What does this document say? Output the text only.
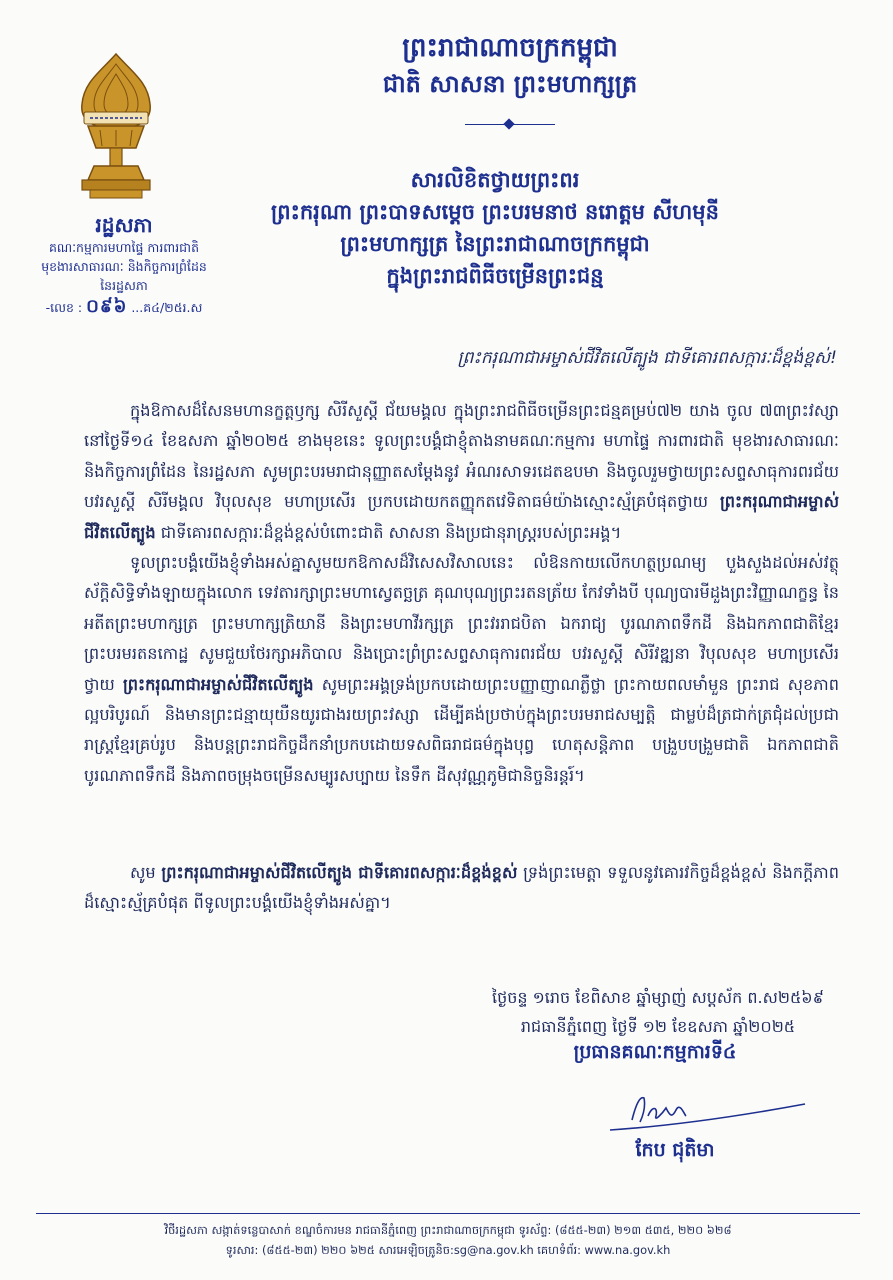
ព្រះរាជាណាចក្រកម្ពុជា

ជាតិ សាសនា ព្រះមហាក្សត្រ

រដ្ឋសភា
គណៈកម្មការមហាផ្ទៃ ការពារជាតិ
មុខងារសាធារណៈ និងកិច្ចការព្រំដែន
នៃរដ្ឋសភា
-លេខ : ០៩៦ ...គ៤/២៥រ.ស
សារលិខិតថ្វាយព្រះពរ
ព្រះករុណា ព្រះបាទសម្តេច ព្រះបរមនាថ នរោត្តម សីហមុនី
ព្រះមហាក្សត្រ នៃព្រះរាជាណាចក្រកម្ពុជា
ក្នុងព្រះរាជពិធីចម្រើនព្រះជន្ម
ព្រះករុណាជាអម្ចាស់ជីវិតលើត្បូង ជាទីគោរពសក្ការៈដ៏ខ្ពង់ខ្ពស់!

ក្នុងឱកាសដ៏សែនមហានក្ខត្តឫក្ស សិរីសួស្តី ជ័យមង្គល ក្នុងព្រះរាជពិធីចម្រើនព្រះជន្មគម្រប់៧២ យាង ចូល ៧៣ព្រះវស្សា នៅថ្ងៃទី១៤ ខែឧសភា ឆ្នាំ២០២៥ ខាងមុខនេះ ទូលព្រះបង្គំជាខ្ញុំតាងនាមគណៈកម្មការ មហាផ្ទៃ ការពារជាតិ មុខងារសាធារណៈ និងកិច្ចការព្រំដែន នៃរដ្ឋសភា សូមព្រះបរមរាជានុញ្ញាតសម្តែងនូវ អំណរសាទរដេតឧបមា និងចូលរួមថ្វាយព្រះសព្ទសាធុការពរជ័យ បវរសួស្តី សិរីមង្គល វិបុលសុខ មហាប្រសើរ ប្រកបដោយកតញ្ញុកតវេទិតាធម៌យ៉ាងស្មោះស្ម័គ្របំផុតថ្វាយ ព្រះករុណាជាអម្ចាស់ជីវិតលើត្បូង ជាទីគោរពសក្ការៈដ៏ខ្ពង់ខ្ពស់បំពោះជាតិ សាសនា និងប្រជានុរាស្ត្ររបស់ព្រះអង្គ។

ទូលព្រះបង្គំយើងខ្ញុំទាំងអស់គ្នាសូមយកឱកាសដ៏វិសេសវិសាលនេះ លំឱនកាយលើកហត្ថប្រណម្យ បួងសួងដល់អស់វត្ថុស័ក្តិសិទ្ធិទាំងឡាយក្នុងលោក ទេវតារក្សាព្រះមហាស្វេតច្ឆត្រ គុណបុណ្យព្រះរតនត្រ័យ កែវទាំងបី បុណ្យបារមីដួងព្រះវិញ្ញាណក្ខន្ធ នៃអតីតព្រះមហាក្សត្រ ព្រះមហាក្សត្រិយានី និងព្រះមហាវីរក្សត្រ ព្រះវររាជបិតា ឯករាជ្យ បូរណភាពទឹកដី និងឯកភាពជាតិខ្មែរ ព្រះបរមរតនកោដ្ឋ សូមជួយថែរក្សាអភិបាល និងប្រោះព្រំព្រះសព្ទសាធុការពរជ័យ បវរសួស្តី សិរីវឌ្ឍនា វិបុលសុខ មហាប្រសើរ ថ្វាយ ព្រះករុណាជាអម្ចាស់ជីវិតលើត្បូង សូមព្រះអង្គទ្រង់ប្រកបដោយព្រះបញ្ញាញាណភ្លឺថ្លា ព្រះកាយពលមាំមួន ព្រះរាជ សុខភាពល្អបរិបូរណ៍ និងមានព្រះជន្មាយុយឺនយូរជាងរយព្រះវស្សា ដើម្បីគង់ប្រថាប់ក្នុងព្រះបរមរាជសម្បត្តិ ជាម្លប់ដ៏ត្រជាក់ត្រជុំដល់ប្រជារាស្ត្រខ្មែរគ្រប់រូប និងបន្តព្រះរាជកិច្ចដឹកនាំប្រកបដោយទសពិធរាជធម៌ក្នុងបុព្វ ហេតុសន្តិភាព បង្រួបបង្រួមជាតិ ឯកភាពជាតិ បូរណភាពទឹកដី និងភាពចម្រុងចម្រើនសម្បូរសប្បាយ នៃទឹក ដីសុវណ្ណភូមិជានិច្ចនិរន្តរ៍។

សូម ព្រះករុណាជាអម្ចាស់ជីវិតលើត្បូង ជាទីគោរពសក្ការៈដ៏ខ្ពង់ខ្ពស់ ទ្រង់ព្រះមេត្តា ទទួលនូវគោរវកិច្ចដ៏ខ្ពង់ខ្ពស់ និងកក្តីភាពដ៏ស្មោះស្ម័គ្របំផុត ពីទូលព្រះបង្គំយើងខ្ញុំទាំងអស់គ្នា។

ថ្ងៃចន្ទ ១រោច ខែពិសាខ ឆ្នាំម្សាញ់ សប្តស័ក ព.ស២៥៦៩
រាជធានីភ្នំពេញ ថ្ងៃទី ១២ ខែឧសភា ឆ្នាំ២០២៥
ប្រធានគណៈកម្មការទី៤
កែប ជុតិមា
វិថីរដ្ឋសភា សង្កាត់ទន្លេបាសាក់ ខណ្ឌចំការមន រាជធានីភ្នំពេញ ព្រះរាជាណាចក្រកម្ពុជា ទូរស័ព្ទ: (៨៥៥-២៣) ២១៣ ៥៣៥, ២២០ ៦២៨
ទូរសារ: (៨៥៥-២៣) ២២០ ៦២៥ សារអេឡិចត្រូនិច:sg@na.gov.kh គេហទំព័រ: www.na.gov.kh
